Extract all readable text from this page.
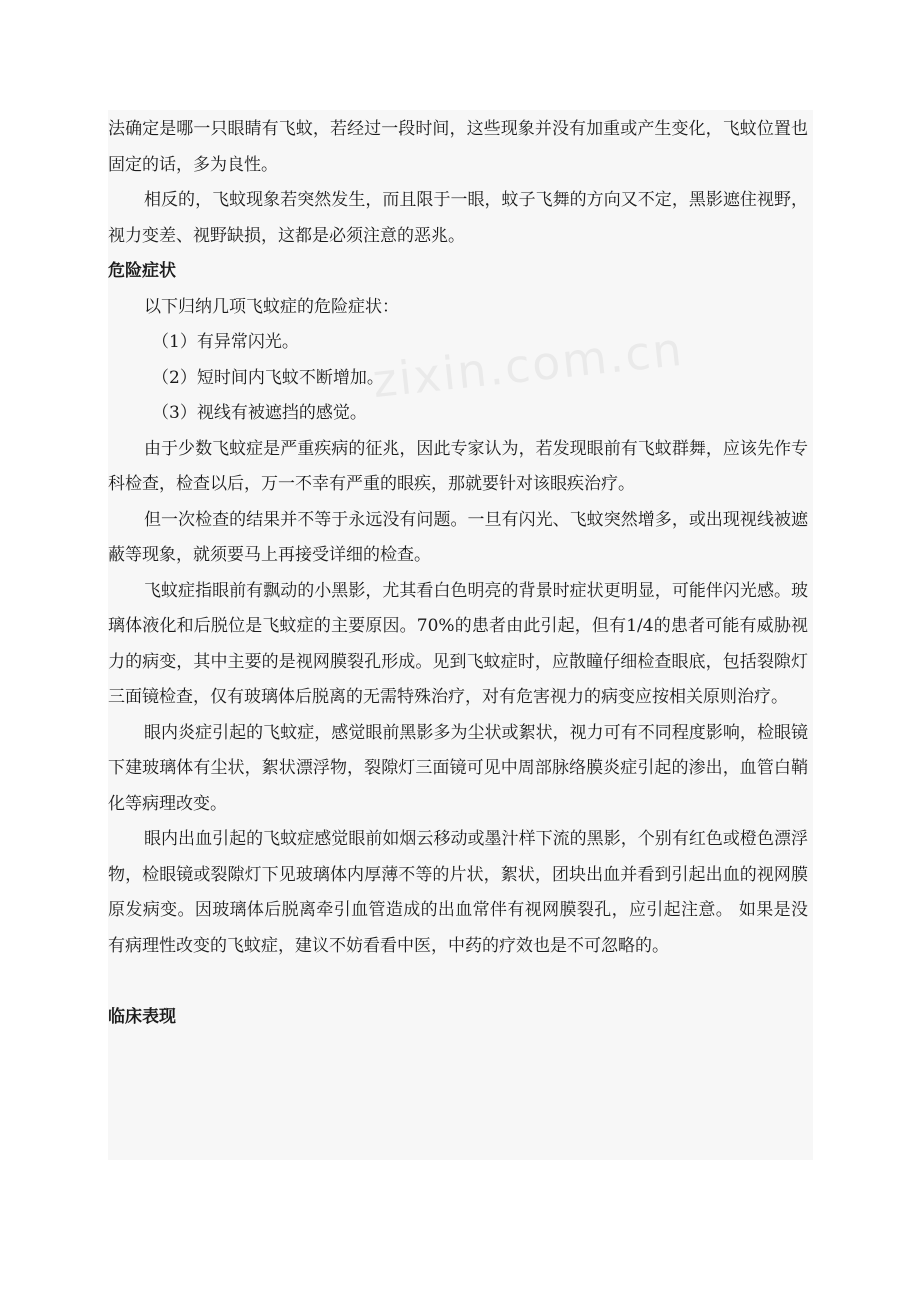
法确定是哪一只眼睛有飞蚊，若经过一段时间，这些现象并没有加重或产生变化，飞蚊位置也固定的话，多为良性。

相反的，飞蚊现象若突然发生，而且限于一眼，蚊子飞舞的方向又不定，黑影遮住视野，视力变差、视野缺损，这都是必须注意的恶兆。

危险症状

以下归纳几项飞蚊症的危险症状：

（1）有异常闪光。

（2）短时间内飞蚊不断增加。

（3）视线有被遮挡的感觉。

由于少数飞蚊症是严重疾病的征兆，因此专家认为，若发现眼前有飞蚊群舞，应该先作专科检查，检查以后，万一不幸有严重的眼疾，那就要针对该眼疾治疗。

但一次检查的结果并不等于永远没有问题。一旦有闪光、飞蚊突然增多，或出现视线被遮蔽等现象，就须要马上再接受详细的检查。

飞蚊症指眼前有飘动的小黑影，尤其看白色明亮的背景时症状更明显，可能伴闪光感。玻璃体液化和后脱位是飞蚊症的主要原因。70%的患者由此引起，但有1/4的患者可能有威胁视力的病变，其中主要的是视网膜裂孔形成。见到飞蚊症时，应散瞳仔细检查眼底，包括裂隙灯三面镜检查，仅有玻璃体后脱离的无需特殊治疗，对有危害视力的病变应按相关原则治疗。

眼内炎症引起的飞蚊症，感觉眼前黑影多为尘状或絮状，视力可有不同程度影响，检眼镜下建玻璃体有尘状，絮状漂浮物，裂隙灯三面镜可见中周部脉络膜炎症引起的渗出，血管白鞘化等病理改变。

眼内出血引起的飞蚊症感觉眼前如烟云移动或墨汁样下流的黑影，个别有红色或橙色漂浮物，检眼镜或裂隙灯下见玻璃体内厚薄不等的片状，絮状，团块出血并看到引起出血的视网膜原发病变。因玻璃体后脱离牵引血管造成的出血常伴有视网膜裂孔，应引起注意。 如果是没有病理性改变的飞蚊症，建议不妨看看中医，中药的疗效也是不可忽略的。

临床表现
